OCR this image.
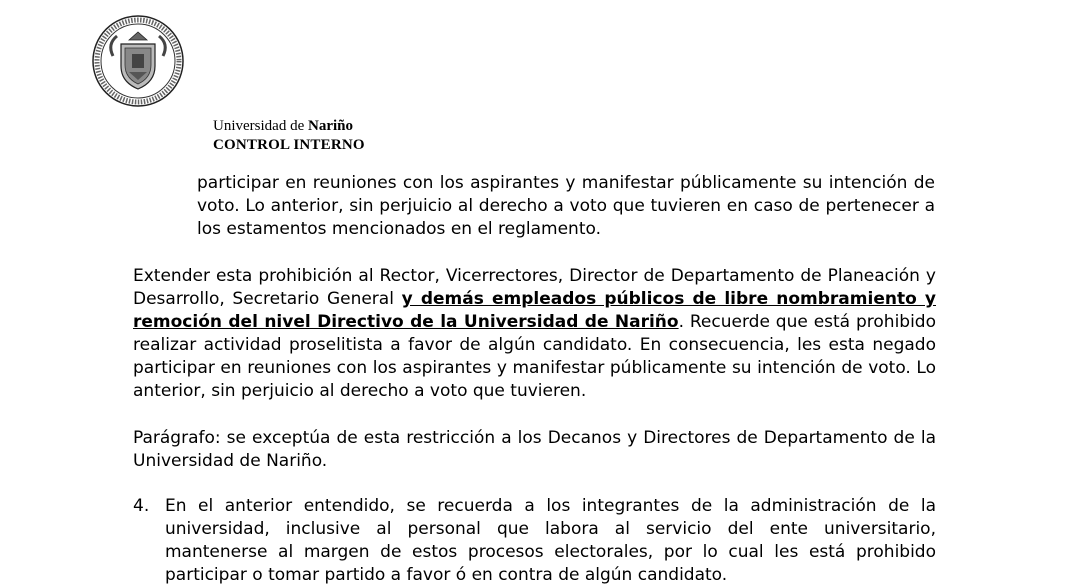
Universidad de Nariño
CONTROL INTERNO
participar en reuniones con los aspirantes y manifestar públicamente su intención de voto. Lo anterior, sin perjuicio al derecho a voto que tuvieren en caso de pertenecer a los estamentos mencionados en el reglamento.
Extender esta prohibición al Rector, Vicerrectores, Director de Departamento de Planeación y Desarrollo, Secretario General y demás empleados públicos de libre nombramiento y remoción del nivel Directivo de la Universidad de Nariño. Recuerde que está prohibido realizar actividad proselitista a favor de algún candidato. En consecuencia, les esta negado participar en reuniones con los aspirantes y manifestar públicamente su intención de voto. Lo anterior, sin perjuicio al derecho a voto que tuvieren.
Parágrafo: se exceptúa de esta restricción a los Decanos y Directores de Departamento de la Universidad de Nariño.
4. En el anterior entendido, se recuerda a los integrantes de la administración de la universidad, inclusive al personal que labora al servicio del ente universitario, mantenerse al margen de estos procesos electorales, por lo cual les está prohibido participar o tomar partido a favor ó en contra de algún candidato.
